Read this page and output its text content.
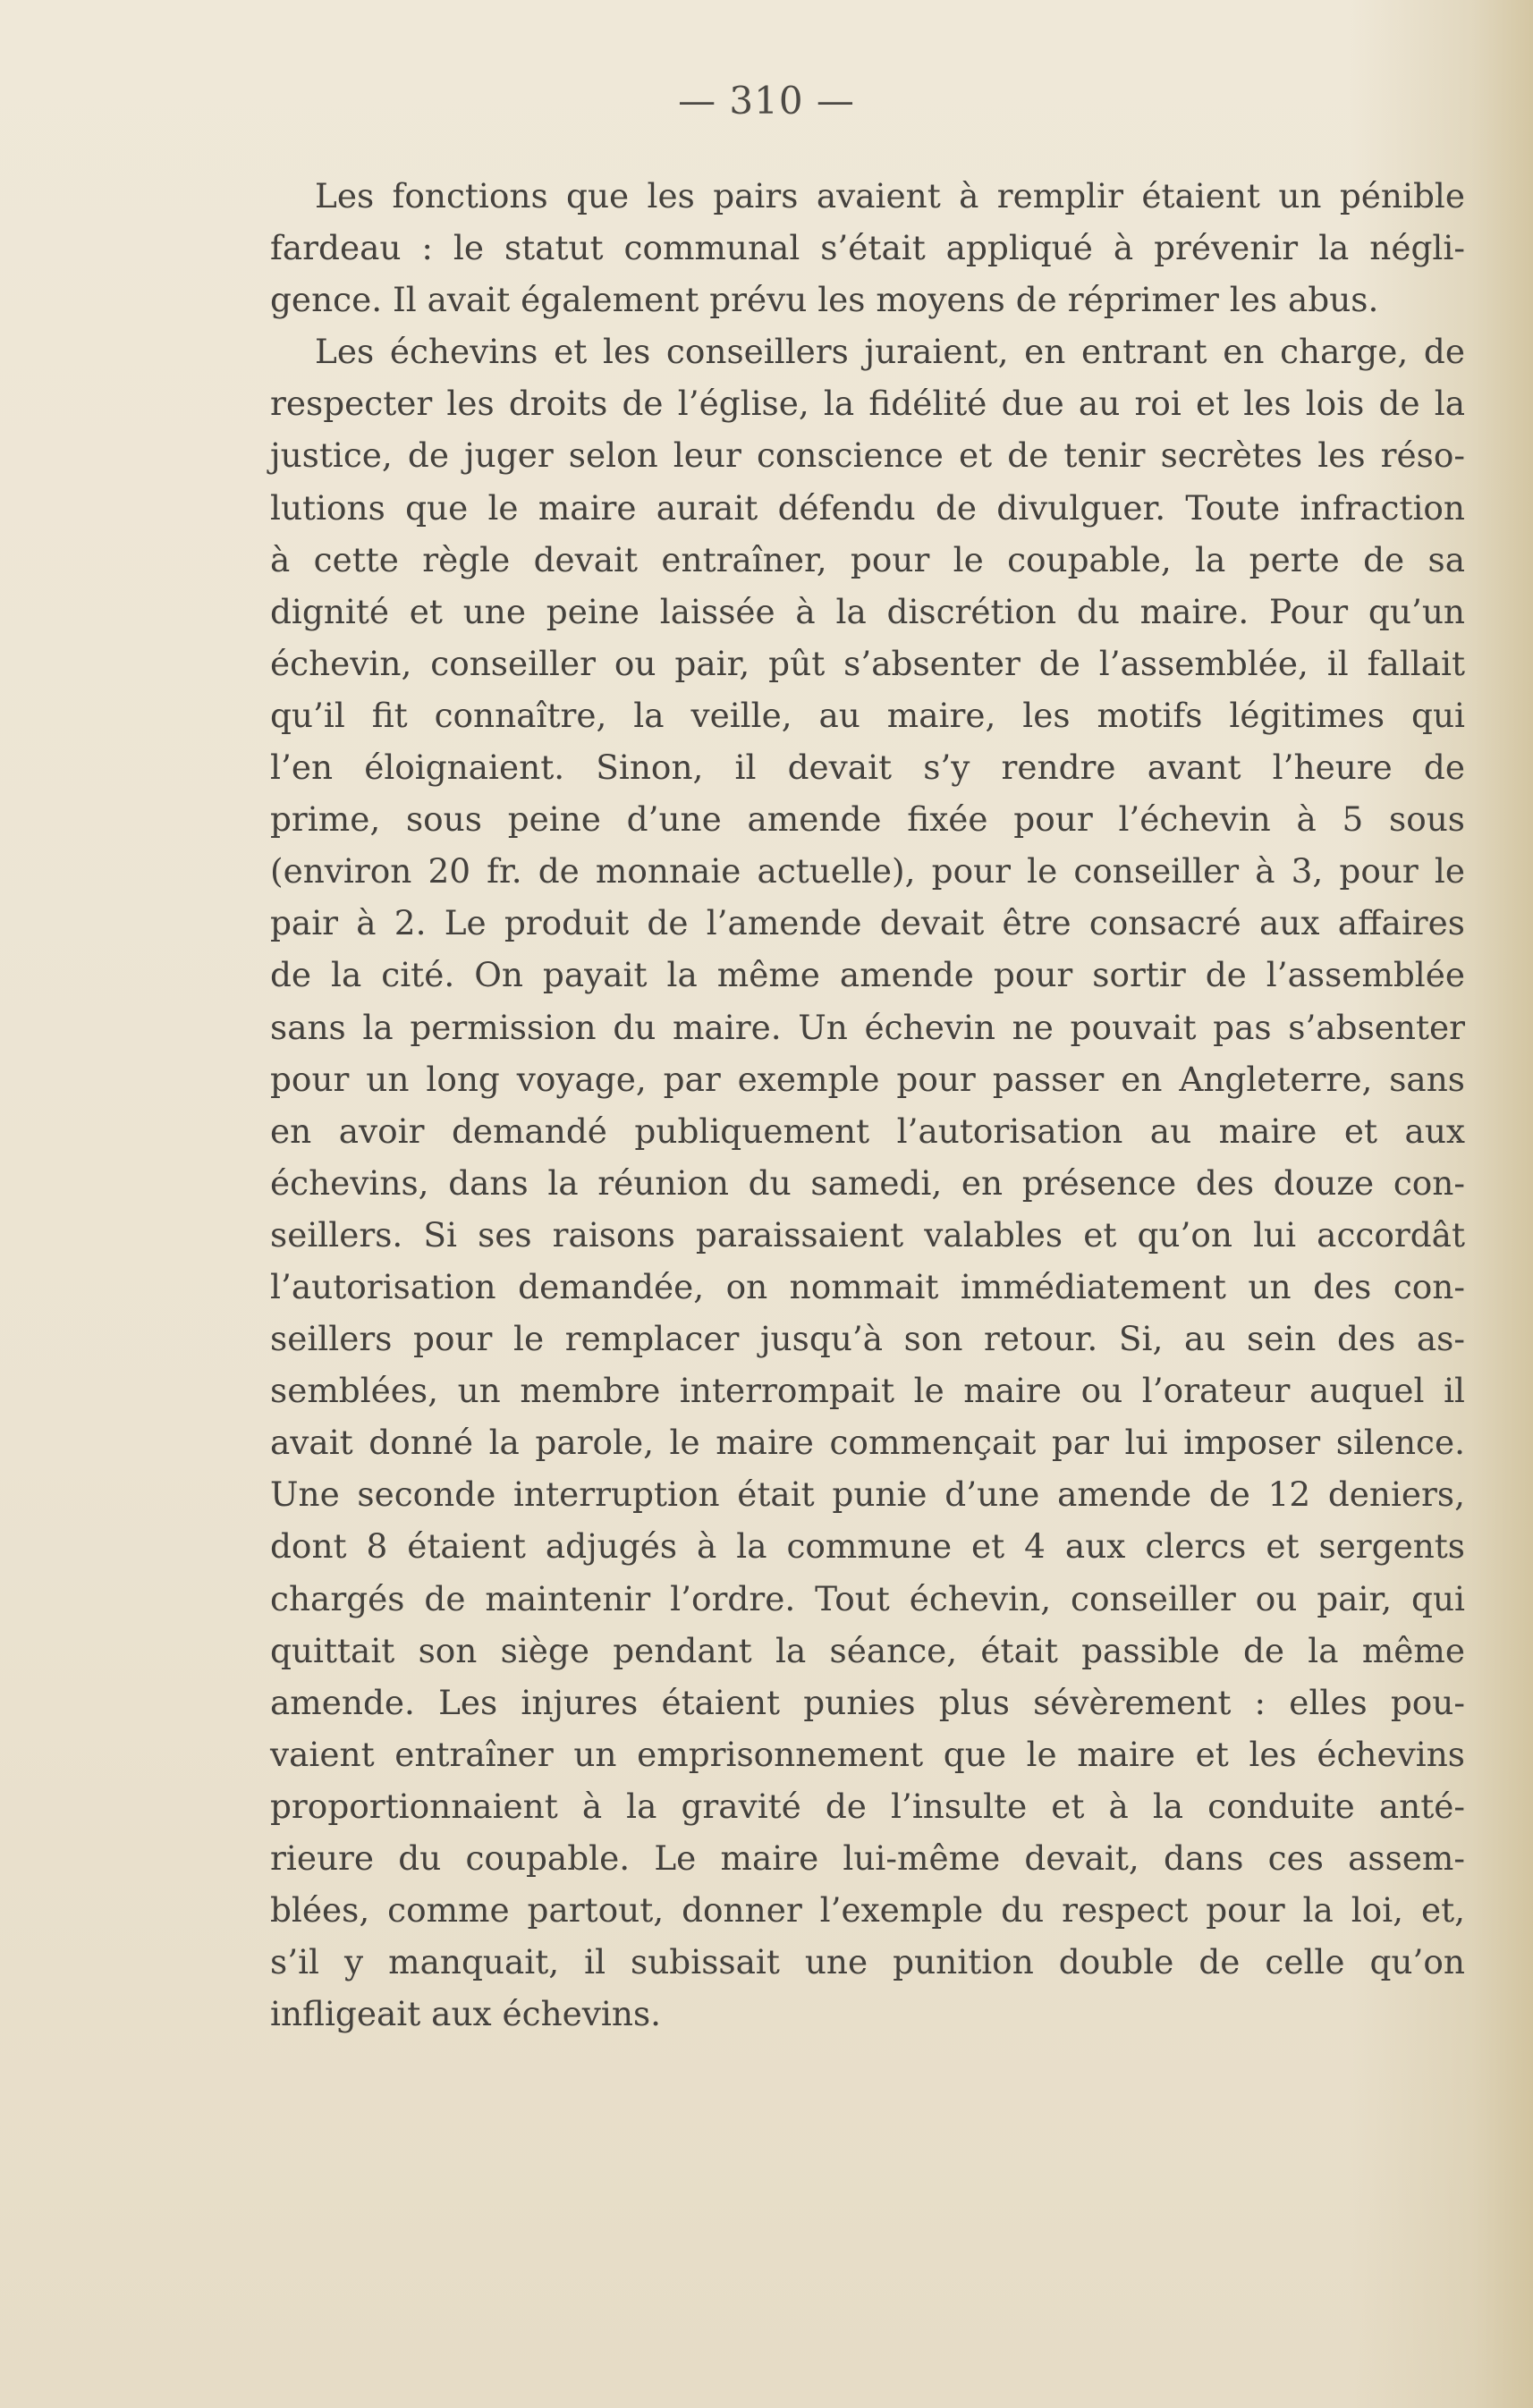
— 310 —
Les fonctions que les pairs avaient à remplir étaient un pénible
fardeau : le statut communal s’était appliqué à prévenir la négli-
gence. Il avait également prévu les moyens de réprimer les abus.
Les échevins et les conseillers juraient, en entrant en charge, de
respecter les droits de l’église, la fidélité due au roi et les lois de la
justice, de juger selon leur conscience et de tenir secrètes les réso-
lutions que le maire aurait défendu de divulguer. Toute infraction
à cette règle devait entraîner, pour le coupable, la perte de sa
dignité et une peine laissée à la discrétion du maire. Pour qu’un
échevin, conseiller ou pair, pût s’absenter de l’assemblée, il fallait
qu’il fit connaître, la veille, au maire, les motifs légitimes qui
l’en éloignaient. Sinon, il devait s’y rendre avant l’heure de
prime, sous peine d’une amende fixée pour l’échevin à 5 sous
(environ 20 fr. de monnaie actuelle), pour le conseiller à 3, pour le
pair à 2. Le produit de l’amende devait être consacré aux affaires
de la cité. On payait la même amende pour sortir de l’assemblée
sans la permission du maire. Un échevin ne pouvait pas s’absenter
pour un long voyage, par exemple pour passer en Angleterre, sans
en avoir demandé publiquement l’autorisation au maire et aux
échevins, dans la réunion du samedi, en présence des douze con-
seillers. Si ses raisons paraissaient valables et qu’on lui accordât
l’autorisation demandée, on nommait immédiatement un des con-
seillers pour le remplacer jusqu’à son retour. Si, au sein des as-
semblées, un membre interrompait le maire ou l’orateur auquel il
avait donné la parole, le maire commençait par lui imposer silence.
Une seconde interruption était punie d’une amende de 12 deniers,
dont 8 étaient adjugés à la commune et 4 aux clercs et sergents
chargés de maintenir l’ordre. Tout échevin, conseiller ou pair, qui
quittait son siège pendant la séance, était passible de la même
amende. Les injures étaient punies plus sévèrement : elles pou-
vaient entraîner un emprisonnement que le maire et les échevins
proportionnaient à la gravité de l’insulte et à la conduite anté-
rieure du coupable. Le maire lui-même devait, dans ces assem-
blées, comme partout, donner l’exemple du respect pour la loi, et,
s’il y manquait, il subissait une punition double de celle qu’on
infligeait aux échevins.
